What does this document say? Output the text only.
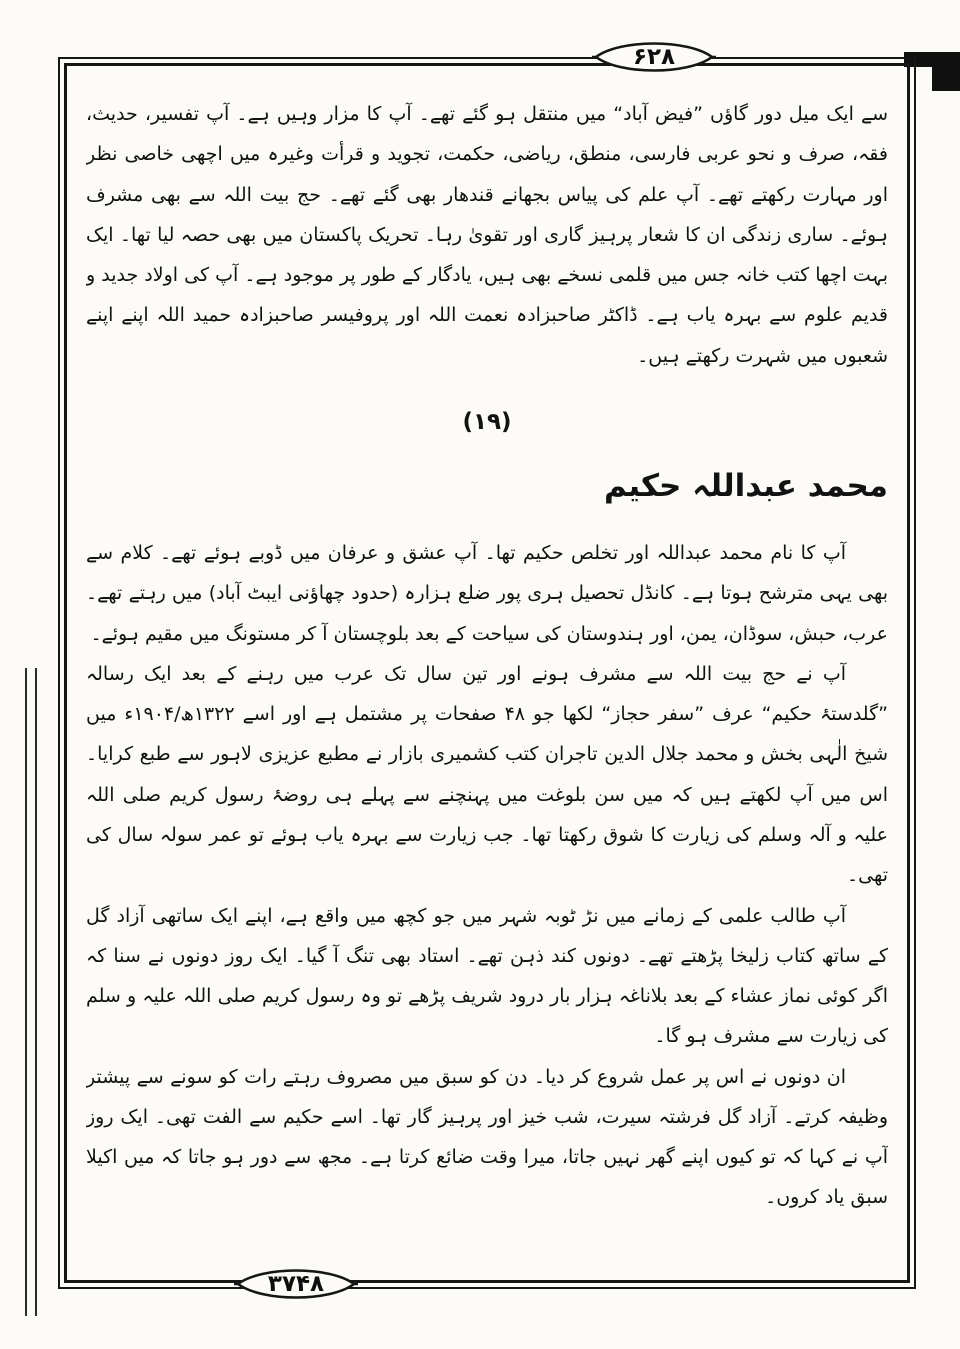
۶۲۸
۳۷۴۸

سے ایک میل دور گاؤں ”فیض آباد“ میں منتقل ہو گئے تھے۔ آپ کا مزار وہیں ہے۔ آپ تفسیر، حدیث، فقہ، صرف و نحو عربی فارسی، منطق، ریاضی، حکمت، تجوید و قرأت وغیرہ میں اچھی خاصی نظر اور مہارت رکھتے تھے۔ آپ علم کی پیاس بجھانے قندھار بھی گئے تھے۔ حج بیت اللہ سے بھی مشرف ہوئے۔ ساری زندگی ان کا شعار پرہیز گاری اور تقویٰ رہا۔ تحریک پاکستان میں بھی حصہ لیا تھا۔ ایک بہت اچھا کتب خانہ جس میں قلمی نسخے بھی ہیں، یادگار کے طور پر موجود ہے۔ آپ کی اولاد جدید و قدیم علوم سے بہرہ یاب ہے۔ ڈاکٹر صاحبزادہ نعمت اللہ اور پروفیسر صاحبزادہ حمید اللہ اپنے اپنے شعبوں میں شہرت رکھتے ہیں۔

(۱۹)
محمد عبداللہ حکیم

آپ کا نام محمد عبداللہ اور تخلص حکیم تھا۔ آپ عشق و عرفان میں ڈوبے ہوئے تھے۔ کلام سے بھی یہی مترشح ہوتا ہے۔ کانڈل تحصیل ہری پور ضلع ہزارہ (حدود چھاؤنی ایبٹ آباد) میں رہتے تھے۔ عرب، حبش، سوڈان، یمن، اور ہندوستان کی سیاحت کے بعد بلوچستان آ کر مستونگ میں مقیم ہوئے۔

آپ نے حج بیت اللہ سے مشرف ہونے اور تین سال تک عرب میں رہنے کے بعد ایک رسالہ ”گلدستۂ حکیم“ عرف ”سفر حجاز“ لکھا جو ۴۸ صفحات پر مشتمل ہے اور اسے ۱۳۲۲ھ/۱۹۰۴ء میں شیخ الٰہی بخش و محمد جلال الدین تاجران کتب کشمیری بازار نے مطبع عزیزی لاہور سے طبع کرایا۔ اس میں آپ لکھتے ہیں کہ میں سن بلوغت میں پہنچنے سے پہلے ہی روضۂ رسول کریم صلی اللہ علیہ و آلہ وسلم کی زیارت کا شوق رکھتا تھا۔ جب زیارت سے بہرہ یاب ہوئے تو عمر سولہ سال کی تھی۔

آپ طالب علمی کے زمانے میں نڑ ٹوبہ شہر میں جو کچھ میں واقع ہے، اپنے ایک ساتھی آزاد گل کے ساتھ کتاب زلیخا پڑھتے تھے۔ دونوں کند ذہن تھے۔ استاد بھی تنگ آ گیا۔ ایک روز دونوں نے سنا کہ اگر کوئی نماز عشاء کے بعد بلاناغہ ہزار بار درود شریف پڑھے تو وہ رسول کریم صلی اللہ علیہ و سلم کی زیارت سے مشرف ہو گا۔

ان دونوں نے اس پر عمل شروع کر دیا۔ دن کو سبق میں مصروف رہتے رات کو سونے سے پیشتر وظیفہ کرتے۔ آزاد گل فرشتہ سیرت، شب خیز اور پرہیز گار تھا۔ اسے حکیم سے الفت تھی۔ ایک روز آپ نے کہا کہ تو کیوں اپنے گھر نہیں جاتا، میرا وقت ضائع کرتا ہے۔ مجھ سے دور ہو جاتا کہ میں اکیلا سبق یاد کروں۔
